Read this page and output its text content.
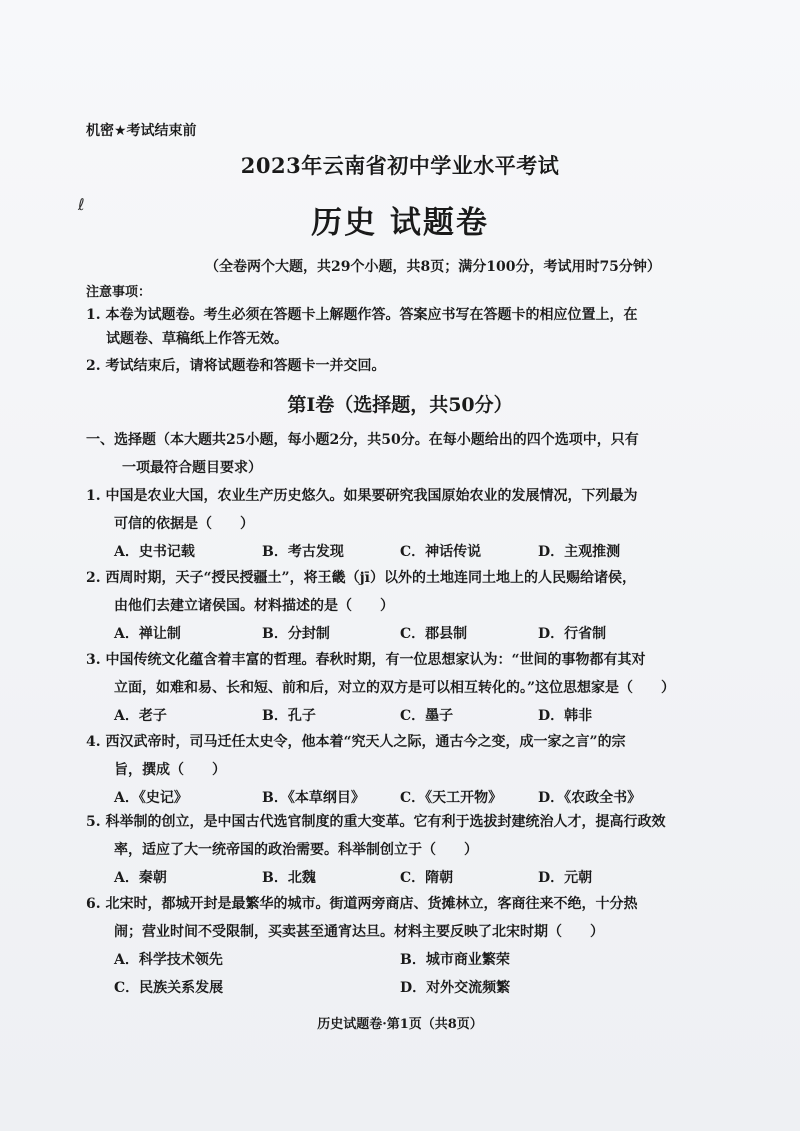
机密★考试结束前
ℓ
2023年云南省初中学业水平考试
历史 试题卷
（全卷两个大题，共29个小题，共8页；满分100分，考试用时75分钟）
注意事项：
1. 本卷为试题卷。考生必须在答题卡上解题作答。答案应书写在答题卡的相应位置上，在
试题卷、草稿纸上作答无效。
2. 考试结束后，请将试题卷和答题卡一并交回。
第Ⅰ卷（选择题，共50分）
一、选择题（本大题共25小题，每小题2分，共50分。在每小题给出的四个选项中，只有
一项最符合题目要求）
1. 中国是农业大国，农业生产历史悠久。如果要研究我国原始农业的发展情况，下列最为
可信的依据是（　　）
A．史书记载	B．考古发现	C．神话传说	D．主观推测
2. 西周时期，天子“授民授疆土”，将王畿（jī）以外的土地连同土地上的人民赐给诸侯，
由他们去建立诸侯国。材料描述的是（　　）
A．禅让制	B．分封制	C．郡县制	D．行省制
3. 中国传统文化蕴含着丰富的哲理。春秋时期，有一位思想家认为：“世间的事物都有其对
立面，如难和易、长和短、前和后，对立的双方是可以相互转化的。”这位思想家是（　　）
A．老子	B．孔子	C．墨子	D．韩非
4. 西汉武帝时，司马迁任太史令，他本着“究天人之际，通古今之变，成一家之言”的宗
旨，撰成（　　）
A．《史记》	B．《本草纲目》	C．《天工开物》	D．《农政全书》
5. 科举制的创立，是中国古代选官制度的重大变革。它有利于选拔封建统治人才，提高行政效
率，适应了大一统帝国的政治需要。科举制创立于（　　）
A．秦朝	B．北魏	C．隋朝	D．元朝
6. 北宋时，都城开封是最繁华的城市。街道两旁商店、货摊林立，客商往来不绝，十分热
闹；营业时间不受限制，买卖甚至通宵达旦。材料主要反映了北宋时期（　　）
A．科学技术领先	B．城市商业繁荣
C．民族关系发展	D．对外交流频繁
历史试题卷·第1页（共8页）
